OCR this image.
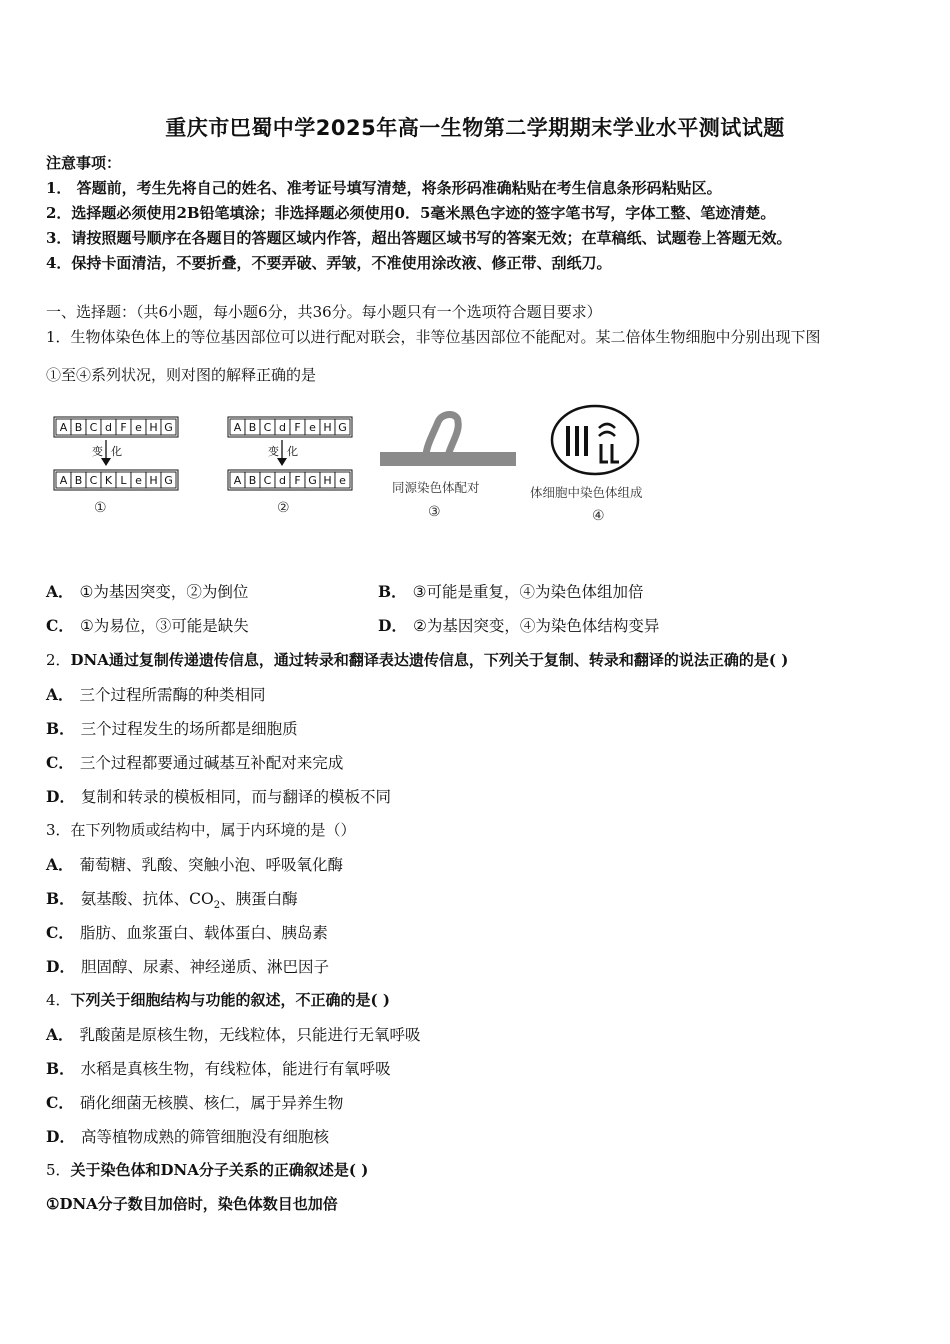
重庆市巴蜀中学2025年高一生物第二学期期末学业水平测试试题
注意事项：
1． 答题前，考生先将自己的姓名、准考证号填写清楚，将条形码准确粘贴在考生信息条形码粘贴区。
2．选择题必须使用2B铅笔填涂；非选择题必须使用0．5毫米黑色字迹的签字笔书写，字体工整、笔迹清楚。
3．请按照题号顺序在各题目的答题区域内作答，超出答题区域书写的答案无效；在草稿纸、试题卷上答题无效。
4．保持卡面清洁，不要折叠，不要弄破、弄皱，不准使用涂改液、修正带、刮纸刀。
一、选择题：（共6小题，每小题6分，共36分。每小题只有一个选项符合题目要求）
1．生物体染色体上的等位基因部位可以进行配对联会，非等位基因部位不能配对。某二倍体生物细胞中分别出现下图
①至④系列状况，则对图的解释正确的是
A B C d F e H G
变 化
A B C K L e H G
①
A B C d F e H G
变 化
A B C d F G H e
②
同源染色体配对
③
体细胞中染色体组成
④
A． ①为基因突变，②为倒位	B． ③可能是重复，④为染色体组加倍
C． ①为易位，③可能是缺失	D． ②为基因突变，④为染色体结构变异
2．DNA通过复制传递遗传信息，通过转录和翻译表达遗传信息，下列关于复制、转录和翻译的说法正确的是( )
A． 三个过程所需酶的种类相同
B． 三个过程发生的场所都是细胞质
C． 三个过程都要通过碱基互补配对来完成
D． 复制和转录的模板相同，而与翻译的模板不同
3．在下列物质或结构中，属于内环境的是（）
A． 葡萄糖、乳酸、突触小泡、呼吸氧化酶
B． 氨基酸、抗体、$CO_2$、胰蛋白酶
C． 脂肪、血浆蛋白、载体蛋白、胰岛素
D． 胆固醇、尿素、神经递质、淋巴因子
4．下列关于细胞结构与功能的叙述，不正确的是( )
A． 乳酸菌是原核生物，无线粒体，只能进行无氧呼吸
B． 水稻是真核生物，有线粒体，能进行有氧呼吸
C． 硝化细菌无核膜、核仁，属于异养生物
D． 高等植物成熟的筛管细胞没有细胞核
5．关于染色体和DNA分子关系的正确叙述是( )
①DNA分子数目加倍时，染色体数目也加倍
